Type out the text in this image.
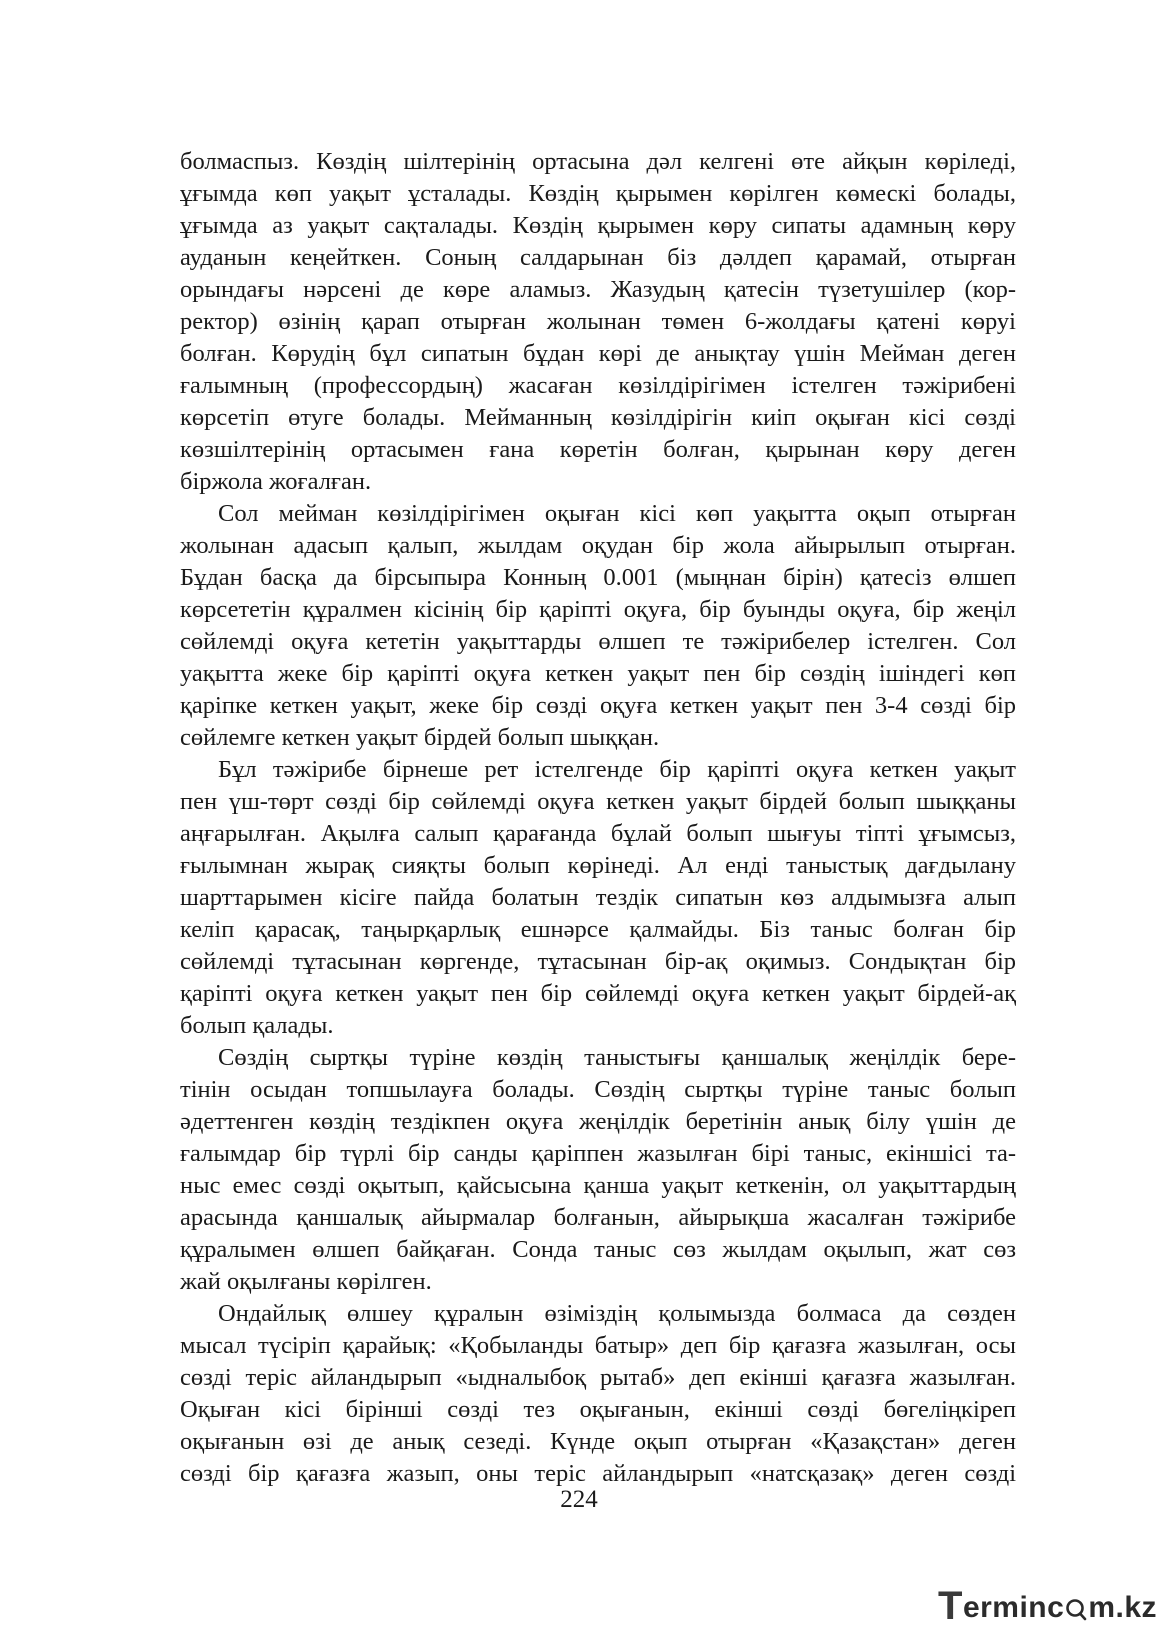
болмаспыз. Көздің шілтерінің ортасына дәл келгені өте айқын көріледі,
ұғымда көп уақыт ұсталады. Көздің қырымен көрілген көмескі болады,
ұғымда аз уақыт сақталады. Көздің қырымен көру сипаты адамның көру
ауданын кеңейткен. Соның салдарынан біз дәлдеп қарамай, отырған
орындағы нәрсені де көре аламыз. Жазудың қатесін түзетушілер (кор-
ректор) өзінің қарап отырған жолынан төмен 6-жолдағы қатені көруі
болған. Көрудің бұл сипатын бұдан көрі де анықтау үшін Мейман деген
ғалымның (профессордың) жасаған көзілдірігімен істелген тәжірибені
көрсетіп өтуге болады. Мейманның көзілдірігін киіп оқыған кісі сөзді
көзшілтерінің ортасымен ғана көретін болған, қырынан көру деген
біржола жоғалған.
Сол мейман көзілдірігімен оқыған кісі көп уақытта оқып отырған
жолынан адасып қалып, жылдам оқудан бір жола айырылып отырған.
Бұдан басқа да бірсыпыра Конның 0.001 (мыңнан бірін) қатесіз өлшеп
көрсететін құралмен кісінің бір қаріпті оқуға, бір буынды оқуға, бір жеңіл
сөйлемді оқуға кететін уақыттарды өлшеп те тәжірибелер істелген. Сол
уақытта жеке бір қаріпті оқуға кеткен уақыт пен бір сөздің ішіндегі көп
қаріпке кеткен уақыт, жеке бір сөзді оқуға кеткен уақыт пен 3-4 сөзді бір
сөйлемге кеткен уақыт бірдей болып шыққан.
Бұл тәжірибе бірнеше рет істелгенде бір қаріпті оқуға кеткен уақыт
пен үш-төрт сөзді бір сөйлемді оқуға кеткен уақыт бірдей болып шыққаны
аңғарылған. Ақылға салып қарағанда бұлай болып шығуы тіпті ұғымсыз,
ғылымнан жырақ сияқты болып көрінеді. Ал енді таныстық дағдылану
шарттарымен кісіге пайда болатын тездік сипатын көз алдымызға алып
келіп қарасақ, таңырқарлық ешнәрсе қалмайды. Біз таныс болған бір
сөйлемді тұтасынан көргенде, тұтасынан бір-ақ оқимыз. Сондықтан бір
қаріпті оқуға кеткен уақыт пен бір сөйлемді оқуға кеткен уақыт бірдей-ақ
болып қалады.
Сөздің сыртқы түріне көздің таныстығы қаншалық жеңілдік бере-
тінін осыдан топшылауға болады. Сөздің сыртқы түріне таныс болып
әдеттенген көздің тездікпен оқуға жеңілдік беретінін анық білу үшін де
ғалымдар бір түрлі бір санды қаріппен жазылған бірі таныс, екіншісі та-
ныс емес сөзді оқытып, қайсысына қанша уақыт кеткенін, ол уақыттардың
арасында қаншалық айырмалар болғанын, айырықша жасалған тәжірибе
құралымен өлшеп байқаған. Сонда таныс сөз жылдам оқылып, жат сөз
жай оқылғаны көрілген.
Ондайлық өлшеу құралын өзіміздің қолымызда болмаса да сөзден
мысал түсіріп қарайық: «Қобыланды батыр» деп бір қағазға жазылған, осы
сөзді теріс айландырып «ыдналыбоқ рытаб» деп екінші қағазға жазылған.
Оқыған кісі бірінші сөзді тез оқығанын, екінші сөзді бөгеліңкіреп
оқығанын өзі де анық сезеді. Күнде оқып отырған «Қазақстан» деген
сөзді бір қағазға жазып, оны теріс айландырып «натсқазақ» деген сөзді
224
T erminc m.kz
